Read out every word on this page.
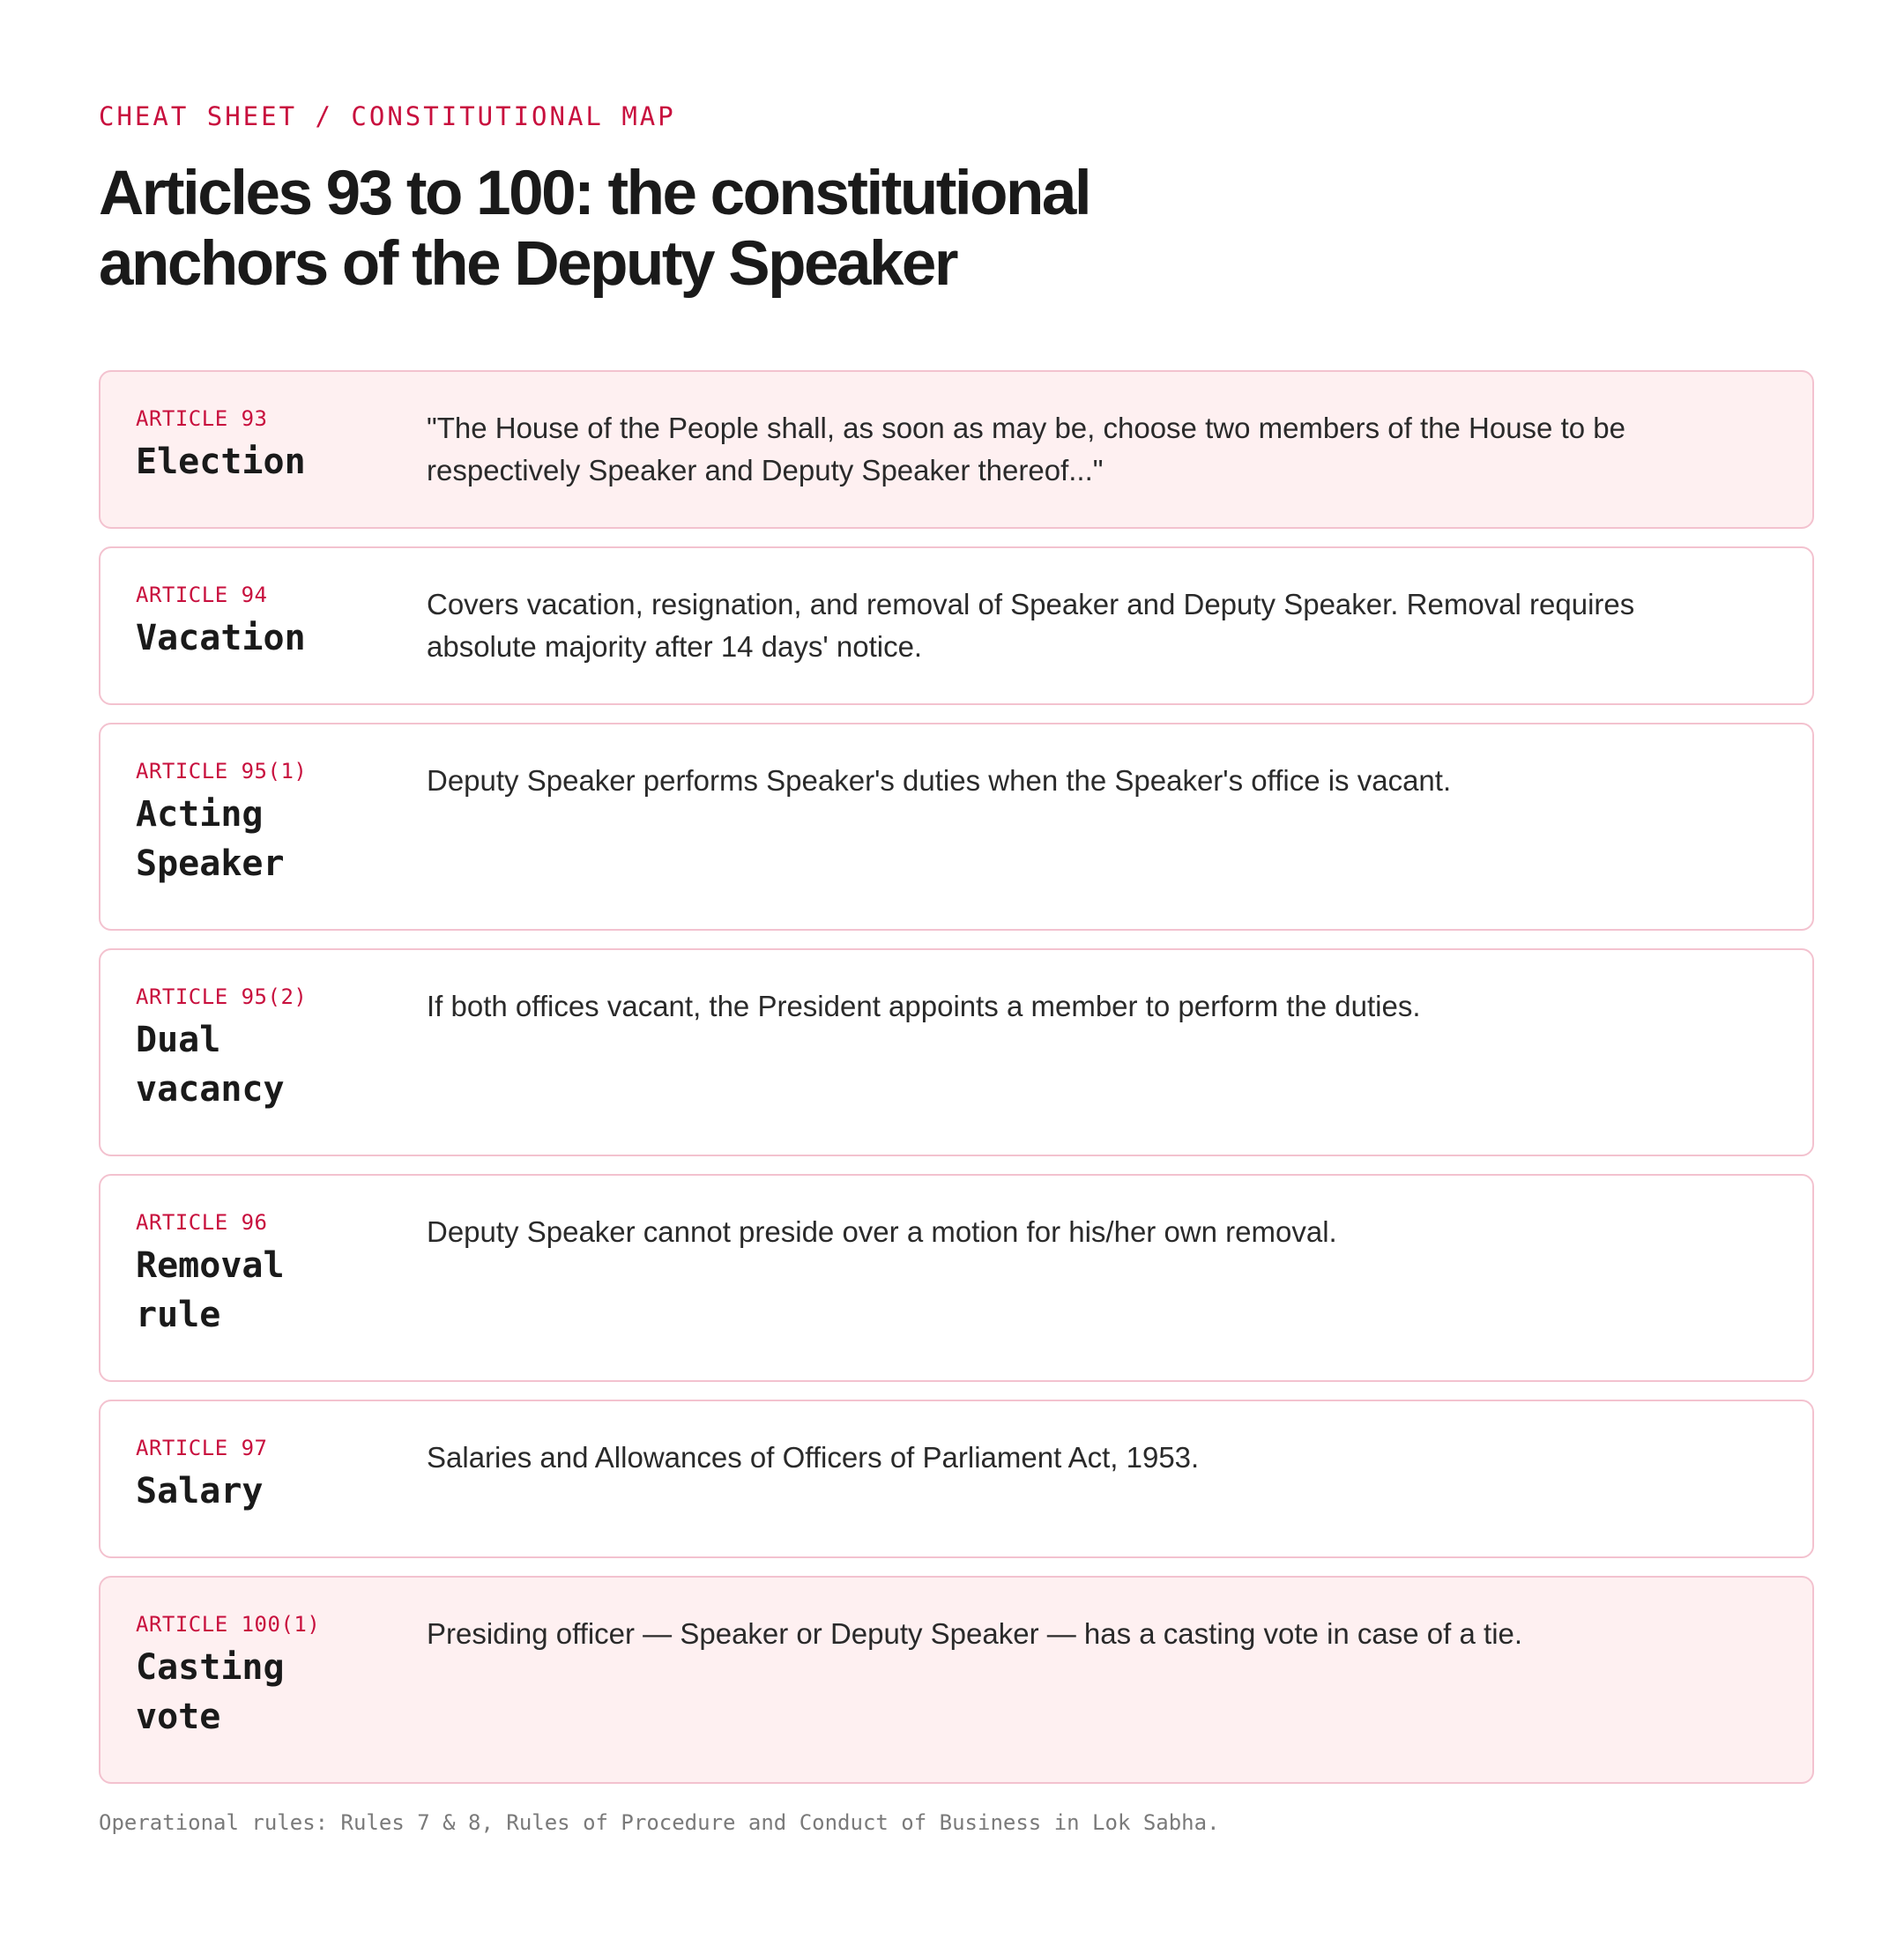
CHEAT SHEET / CONSTITUTIONAL MAP

Articles 93 to 100: the constitutional anchors of the Deputy Speaker
ARTICLE 93
Election
"The House of the People shall, as soon as may be, choose two members of the House to be respectively Speaker and Deputy Speaker thereof..."
ARTICLE 94
Vacation
Covers vacation, resignation, and removal of Speaker and Deputy Speaker. Removal requires absolute majority after 14 days' notice.
ARTICLE 95(1)
Acting Speaker
Deputy Speaker performs Speaker's duties when the Speaker's office is vacant.
ARTICLE 95(2)
Dual vacancy
If both offices vacant, the President appoints a member to perform the duties.
ARTICLE 96
Removal rule
Deputy Speaker cannot preside over a motion for his/her own removal.
ARTICLE 97
Salary
Salaries and Allowances of Officers of Parliament Act, 1953.
ARTICLE 100(1)
Casting vote
Presiding officer — Speaker or Deputy Speaker — has a casting vote in case of a tie.
Operational rules: Rules 7 & 8, Rules of Procedure and Conduct of Business in Lok Sabha.
